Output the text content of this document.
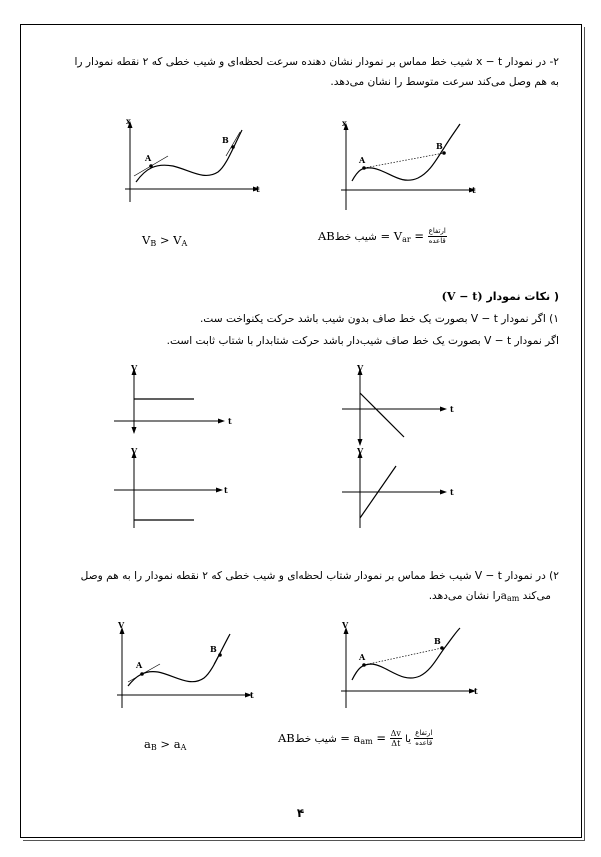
۲- در نمودار x − t شیب خط مماس بر نمودار نشان دهنده سرعت لحظه‌ای و شیب خطی که ۲ نقطه نمودار را
به هم وصل می‌کند سرعت متوسط را نشان می‌دهد.
x
t
A
B
x
t
A
B
$V_B > V_A$
ABشیب خط = $V_{ar}$ = ارتفاع
قاعده
( نکات نمودار (V − t)
۱) اگر نمودار V − t بصورت یک خط صاف بدون شیب باشد حرکت یکنواخت ست.
اگر نمودار V − t بصورت یک خط صاف شیب‌دار باشد حرکت شتابدار با شتاب ثابت است.
V
t
V
t
V
t
V
t
۲) در نمودار V − t شیب خط مماس بر نمودار شتاب لحظه‌ای و شیب خطی که ۲ نقطه نمودار را به هم وصل
می‌کند $a_{am}را$ نشان می‌دهد.
V
t
A
B
V
t
A
B
$a_B > a_A$
ABشیب خط = $a_{am} = \frac{\Delta v}{\Delta t}$ یا
ارتفاع
قاعده
۴
